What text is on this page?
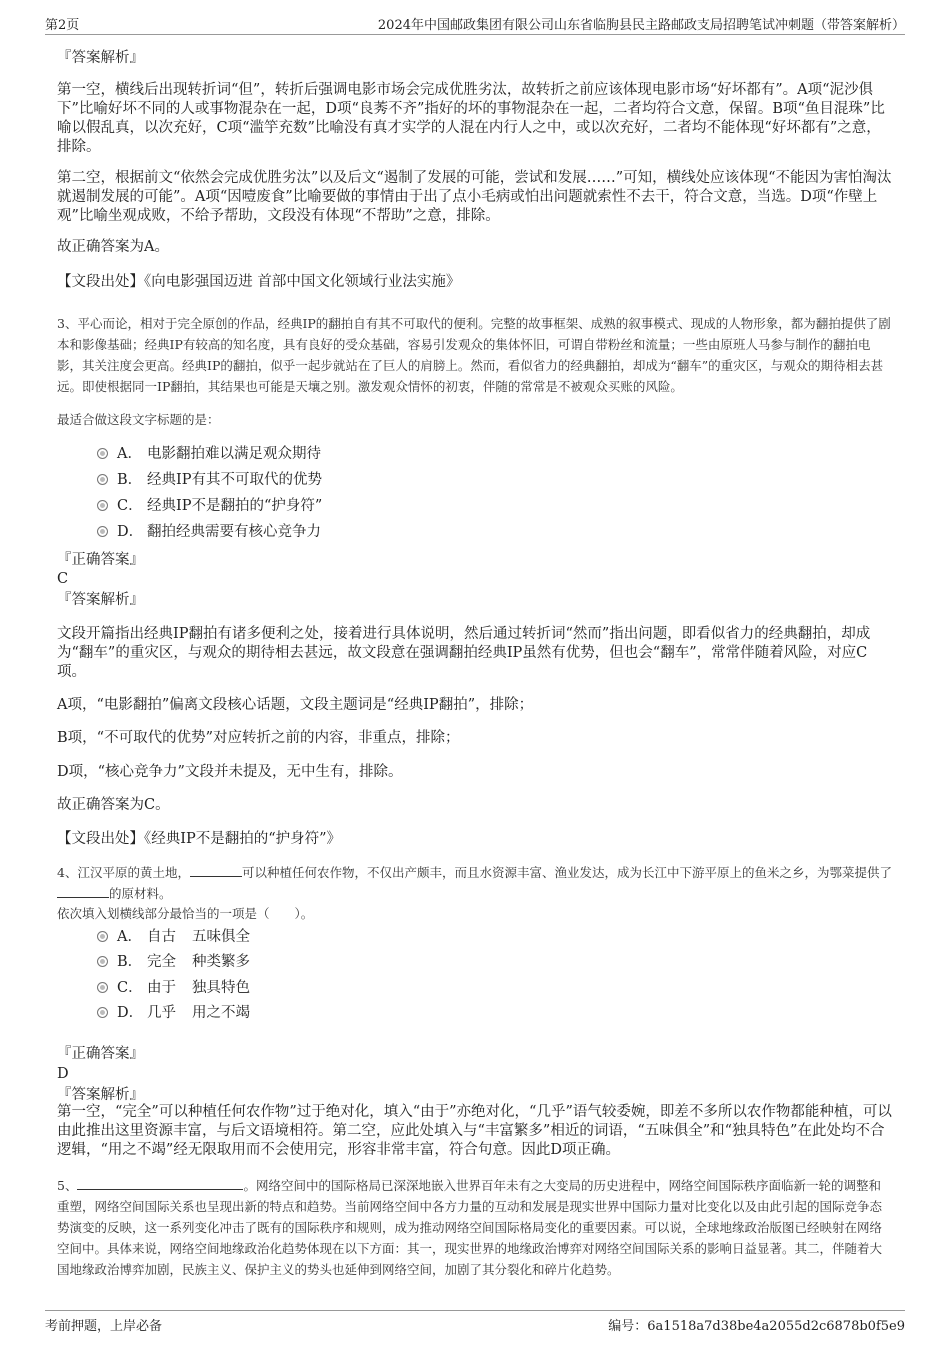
第2页	2024年中国邮政集团有限公司山东省临朐县民主路邮政支局招聘笔试冲刺题（带答案解析）
『答案解析』

第一空，横线后出现转折词“但”，转折后强调电影市场会完成优胜劣汰，故转折之前应该体现电影市场“好坏都有”。A项“泥沙俱下”比喻好坏不同的人或事物混杂在一起，D项“良莠不齐”指好的坏的事物混杂在一起，二者均符合文意，保留。B项“鱼目混珠”比喻以假乱真，以次充好，C项“滥竽充数”比喻没有真才实学的人混在内行人之中，或以次充好，二者均不能体现“好坏都有”之意，排除。

第二空，根据前文“依然会完成优胜劣汰”以及后文“遏制了发展的可能，尝试和发展……”可知，横线处应该体现“不能因为害怕淘汰就遏制发展的可能”。A项“因噎废食”比喻要做的事情由于出了点小毛病或怕出问题就索性不去干，符合文意，当选。D项“作壁上观”比喻坐观成败，不给予帮助，文段没有体现“不帮助”之意，排除。

故正确答案为A。
【文段出处】《向电影强国迈进 首部中国文化领域行业法实施》
3、平心而论，相对于完全原创的作品，经典IP的翻拍自有其不可取代的便利。完整的故事框架、成熟的叙事模式、现成的人物形象，都为翻拍提供了剧本和影像基础；经典IP有较高的知名度，具有良好的受众基础，容易引发观众的集体怀旧，可谓自带粉丝和流量；一些由原班人马参与制作的翻拍电影，其关注度会更高。经典IP的翻拍，似乎一起步就站在了巨人的肩膀上。然而，看似省力的经典翻拍，却成为“翻车”的重灾区，与观众的期待相去甚远。即使根据同一IP翻拍，其结果也可能是天壤之别。激发观众情怀的初衷，伴随的常常是不被观众买账的风险。
最适合做这段文字标题的是：
A． 电影翻拍难以满足观众期待
B． 经典IP有其不可取代的优势
C． 经典IP不是翻拍的“护身符”
D． 翻拍经典需要有核心竞争力
『正确答案』
C
『答案解析』

文段开篇指出经典IP翻拍有诸多便利之处，接着进行具体说明，然后通过转折词“然而”指出问题，即看似省力的经典翻拍，却成为“翻车”的重灾区，与观众的期待相去甚远，故文段意在强调翻拍经典IP虽然有优势，但也会“翻车”，常常伴随着风险，对应C项。

A项，“电影翻拍”偏离文段核心话题，文段主题词是“经典IP翻拍”，排除；
B项，“不可取代的优势”对应转折之前的内容，非重点，排除；
D项，“核心竞争力”文段并未提及，无中生有，排除。
故正确答案为C。
【文段出处】《经典IP不是翻拍的“护身符”》
4、江汉平原的黄土地，	可以种植任何农作物，不仅出产颇丰，而且水资源丰富、渔业发达，成为长江中下游平原上的鱼米之乡，为鄂菜提供了的原材料。
依次填入划横线部分最恰当的一项是（　　）。
A． 自古 五味俱全
B． 完全 种类繁多
C． 由于 独具特色
D． 几乎 用之不竭
『正确答案』
D
『答案解析』

第一空，“完全”可以种植任何农作物”过于绝对化，填入“由于”亦绝对化，“几乎”语气较委婉，即差不多所以农作物都能种植，可以由此推出这里资源丰富，与后文语境相符。第二空，应此处填入与“丰富繁多”相近的词语，“五味俱全”和“独具特色”在此处均不合逻辑，“用之不竭”经无限取用而不会使用完，形容非常丰富，符合句意。因此D项正确。

5、	。网络空间中的国际格局已深深地嵌入世界百年未有之大变局的历史进程中，网络空间国际秩序面临新一轮的调整和重塑，网络空间国际关系也呈现出新的特点和趋势。当前网络空间中各方力量的互动和发展是现实世界中国际力量对比变化以及由此引起的国际竞争态势演变的反映，这一系列变化冲击了既有的国际秩序和规则，成为推动网络空间国际格局变化的重要因素。可以说，全球地缘政治版图已经映射在网络空间中。具体来说，网络空间地缘政治化趋势体现在以下方面：其一，现实世界的地缘政治博弈对网络空间国际关系的影响日益显著。其二，伴随着大国地缘政治博弈加剧，民族主义、保护主义的势头也延伸到网络空间，加剧了其分裂化和碎片化趋势。
考前押题，上岸必备	编号：6a1518a7d38be4a2055d2c6878b0f5e9
